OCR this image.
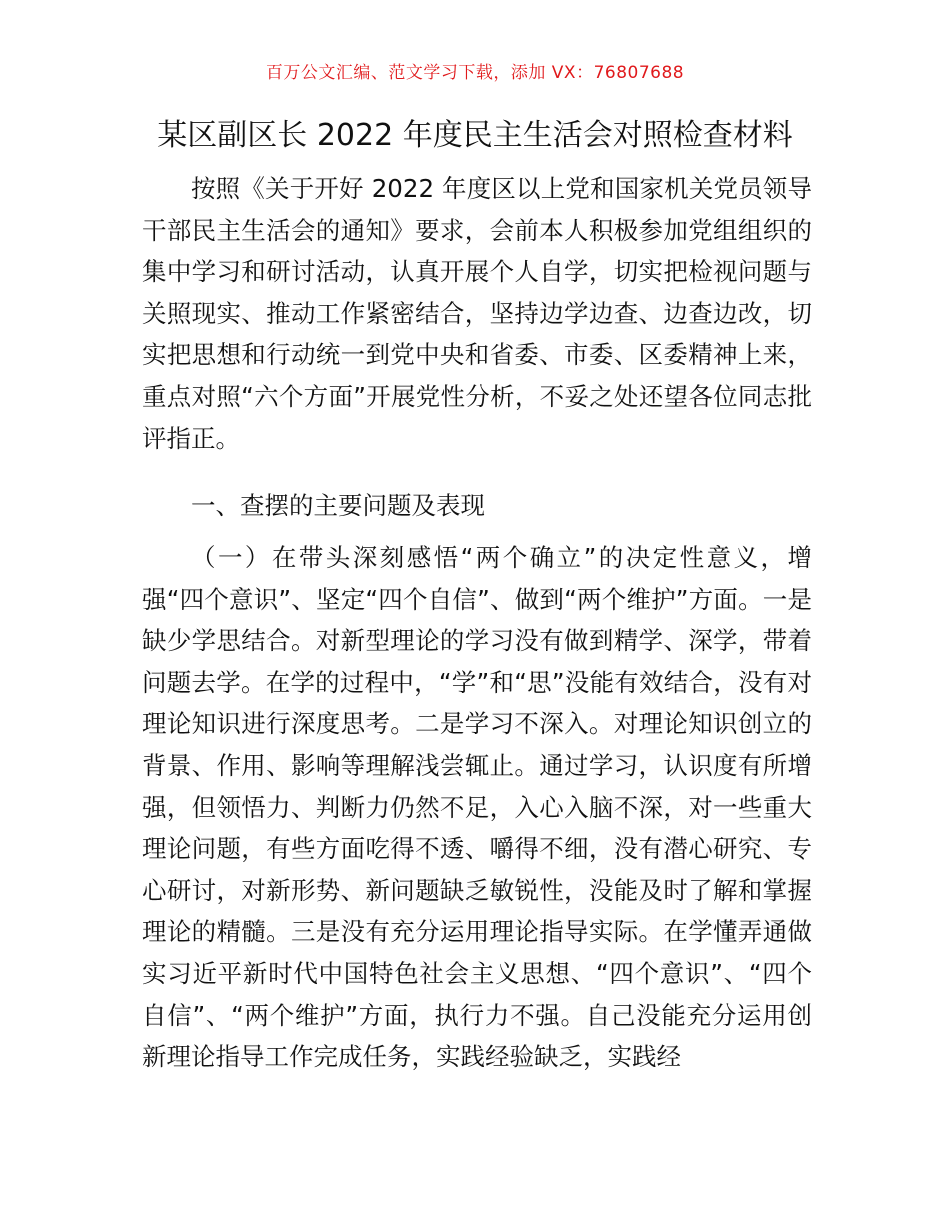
百万公文汇编、范文学习下载，添加 VX：76807688
某区副区长 2022 年度民主生活会对照检查材料

按照《关于开好 2022 年度区以上党和国家机关党员领导干部民主生活会的通知》要求，会前本人积极参加党组组织的集中学习和研讨活动，认真开展个人自学，切实把检视问题与关照现实、推动工作紧密结合，坚持边学边查、边查边改，切实把思想和行动统一到党中央和省委、市委、区委精神上来，重点对照“六个方面”开展党性分析，不妥之处还望各位同志批评指正。

一、查摆的主要问题及表现

（一）在带头深刻感悟“两个确立”的决定性意义，增强“四个意识”、坚定“四个自信”、做到“两个维护”方面。一是缺少学思结合。对新型理论的学习没有做到精学、深学，带着问题去学。在学的过程中，“学”和“思”没能有效结合，没有对理论知识进行深度思考。二是学习不深入。对理论知识创立的背景、作用、影响等理解浅尝辄止。通过学习，认识度有所增强，但领悟力、判断力仍然不足，入心入脑不深，对一些重大理论问题，有些方面吃得不透、嚼得不细，没有潜心研究、专心研讨，对新形势、新问题缺乏敏锐性，没能及时了解和掌握理论的精髓。三是没有充分运用理论指导实际。在学懂弄通做实习近平新时代中国特色社会主义思想、“四个意识”、“四个自信”、“两个维护”方面，执行力不强。自己没能充分运用创新理论指导工作完成任务，实践经验缺乏，实践经
